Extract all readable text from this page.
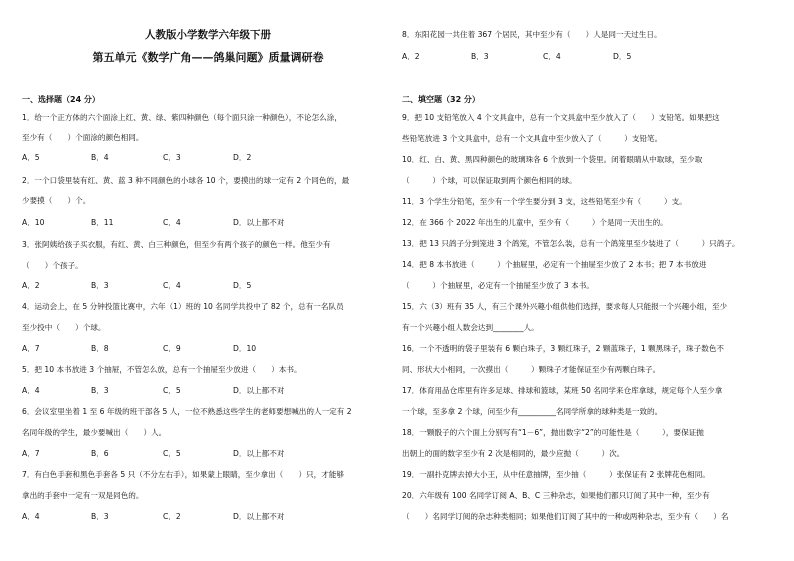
人教版小学数学六年级下册
第五单元《数学广角——鸽巢问题》质量调研卷
一、选择题（24 分）
1．给一个正方体的六个面涂上红、黄、绿、紫四种颜色（每个面只涂一种颜色），不论怎么涂，
至少有（　　）个面涂的颜色相同。
A．5	B．4	C．3	D．2
2．一个口袋里装有红、黄、蓝 3 种不同颜色的小球各 10 个，要摸出的球一定有 2 个同色的，最
少要摸（　　）个。
A．10	B．11	C．4	D．以上都不对
3．张阿姨给孩子买衣服，有红、黄、白三种颜色，但至少有两个孩子的颜色一样。他至少有
（　　）个孩子。
A．2	B．3	C．4	D．5
4．运动会上，在 5 分钟投篮比赛中，六年（1）班的 10 名同学共投中了 82 个，总有一名队员
至少投中（　　）个球。
A．7	B．8	C．9	D．10
5．把 10 本书放进 3 个抽屉，不管怎么放，总有一个抽屉至少放进（　　）本书。
A．4	B．3	C．5	D．以上都不对
6．会议室里坐着 1 至 6 年级的班干部各 5 人，一位不熟悉这些学生的老师要想喊出的人一定有 2
名同年级的学生，最少要喊出（　　）人。
A．7	B．6	C．5	D．以上都不对
7．有白色手套和黑色手套各 5 只（不分左右手），如果蒙上眼睛，至少拿出（　　）只，才能够
拿出的手套中一定有一双是同色的。
A．4	B．3	C．2	D．以上都不对
8．东阳花园一共住着 367 个居民，其中至少有（　　）人是同一天过生日。
A．2	B．3	C．4	D．5
二、填空题（32 分）
9．把 10 支铅笔放入 4 个文具盒中，总有一个文具盒中至少放入了（　　）支铅笔。如果把这
些铅笔放进 3 个文具盒中，总有一个文具盒中至少放入了（　　　）支铅笔。
10．红、白、黄、黑四种颜色的玻璃珠各 6 个放到一个袋里。闭着眼睛从中取球，至少取
（　　　）个球，可以保证取到两个颜色相同的球。
11．3 个学生分铅笔，至少有一个学生要分到 3 支，这些铅笔至少有（　　　）支。
12．在 366 个 2022 年出生的儿童中，至少有（　　　）个是同一天出生的。
13．把 13 只鸽子分到笼进 3 个鸽笼，不管怎么装，总有一个鸽笼里至少装进了（　　　）只鸽子。
14．把 8 本书放进（　　　）个抽屉里，必定有一个抽屉至少放了 2 本书；把 7 本书放进
（　　　）个抽屉里，必定有一个抽屉至少放了 3 本书。
15．六（3）班有 35 人，有三个课外兴趣小组供他们选择，要求每人只能报一个兴趣小组，至少
有一个兴趣小组人数会达到________人。
16．一个不透明的袋子里装有 6 颗白珠子，3 颗红珠子，2 颗蓝珠子，1 颗黑珠子，珠子数色不
同、形状大小相同，一次摸出（　　　）颗珠子才能保证至少有两颗白珠子。
17．体育用品仓库里有许多足球、排球和篮球，某班 50 名同学来仓库拿球，规定每个人至少拿
一个球，至多拿 2 个球，问至少有__________名同学所拿的球种类是一致的。
18．一颗骰子的六个面上分别写有“1－6”，抛出数字“2”的可能性是（　　　），要保证抛
出朝上的面的数字至少有 2 次是相同的，最少应抛（　　　）次。
19．一副扑克牌去掉大小王，从中任意抽牌，至少抽（　　　）张保证有 2 张牌花色相同。
20．六年级有 100 名同学订阅 A、B、C 三种杂志，如果他们都只订阅了其中一种，至少有
（　　）名同学订阅的杂志种类相同；如果他们订阅了其中的一种或两种杂志，至少有（　　）名
